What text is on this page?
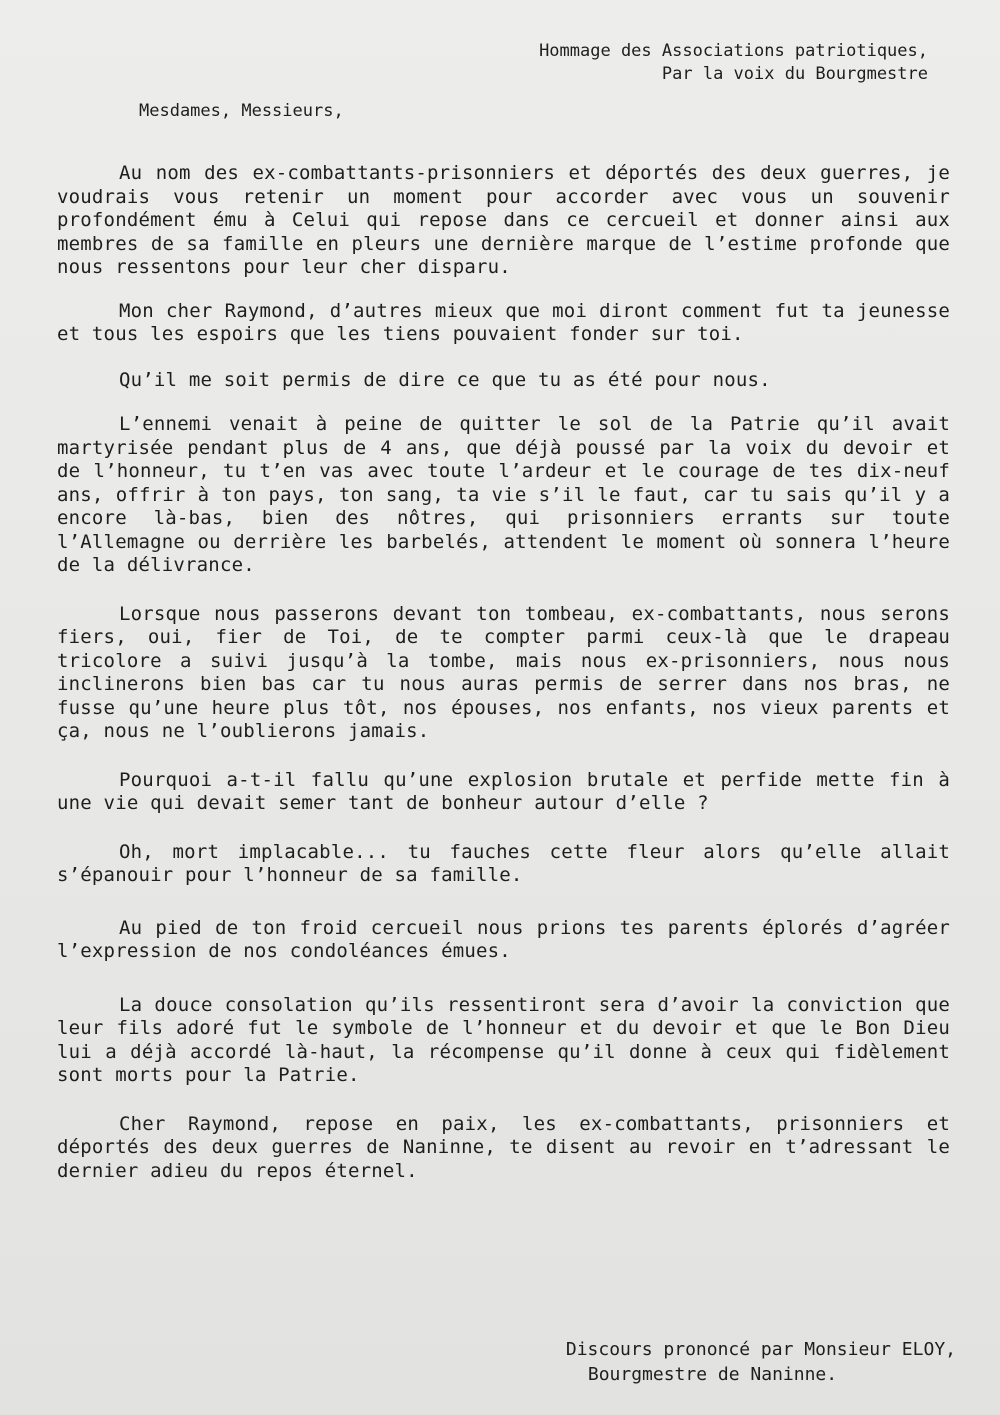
Hommage des Associations patriotiques,
Par la voix du Bourgmestre
Mesdames, Messieurs,

Au nom des ex-combattants-prisonniers et déportés des deux guerres, je voudrais vous retenir un moment pour accorder avec vous un souvenir profondément ému à Celui qui repose dans ce cercueil et donner ainsi aux membres de sa famille en pleurs une dernière marque de l’estime profonde que nous ressentons pour leur cher disparu.

Mon cher Raymond, d’autres mieux que moi diront comment fut ta jeunesse et tous les espoirs que les tiens pouvaient fonder sur toi.

Qu’il me soit permis de dire ce que tu as été pour nous.

L’ennemi venait à peine de quitter le sol de la Patrie qu’il avait martyrisée pendant plus de 4 ans, que déjà poussé par la voix du devoir et de l’honneur, tu t’en vas avec toute l’ardeur et le courage de tes dix-neuf ans, offrir à ton pays, ton sang, ta vie s’il le faut, car tu sais qu’il y a encore là-bas, bien des nôtres, qui prisonniers errants sur toute l’Allemagne ou derrière les barbelés, attendent le moment où sonnera l’heure de la délivrance.

Lorsque nous passerons devant ton tombeau, ex-combattants, nous serons fiers, oui, fier de Toi, de te compter parmi ceux-là que le drapeau tricolore a suivi jusqu’à la tombe, mais nous ex-prisonniers, nous nous inclinerons bien bas car tu nous auras permis de serrer dans nos bras, ne fusse qu’une heure plus tôt, nos épouses, nos enfants, nos vieux parents et ça, nous ne l’oublierons jamais.

Pourquoi a-t-il fallu qu’une explosion brutale et perfide mette fin à une vie qui devait semer tant de bonheur autour d’elle ?

Oh, mort implacable... tu fauches cette fleur alors qu’elle allait s’épanouir pour l’honneur de sa famille.

Au pied de ton froid cercueil nous prions tes parents éplorés d’agréer l’expression de nos condoléances émues.

La douce consolation qu’ils ressentiront sera d’avoir la conviction que leur fils adoré fut le symbole de l’honneur et du devoir et que le Bon Dieu lui a déjà accordé là-haut, la récompense qu’il donne à ceux qui fidèlement sont morts pour la Patrie.

Cher Raymond, repose en paix, les ex-combattants, prisonniers et déportés des deux guerres de Naninne, te disent au revoir en t’adressant le dernier adieu du repos éternel.

Discours prononcé par Monsieur ELOY,
Bourgmestre de Naninne.
